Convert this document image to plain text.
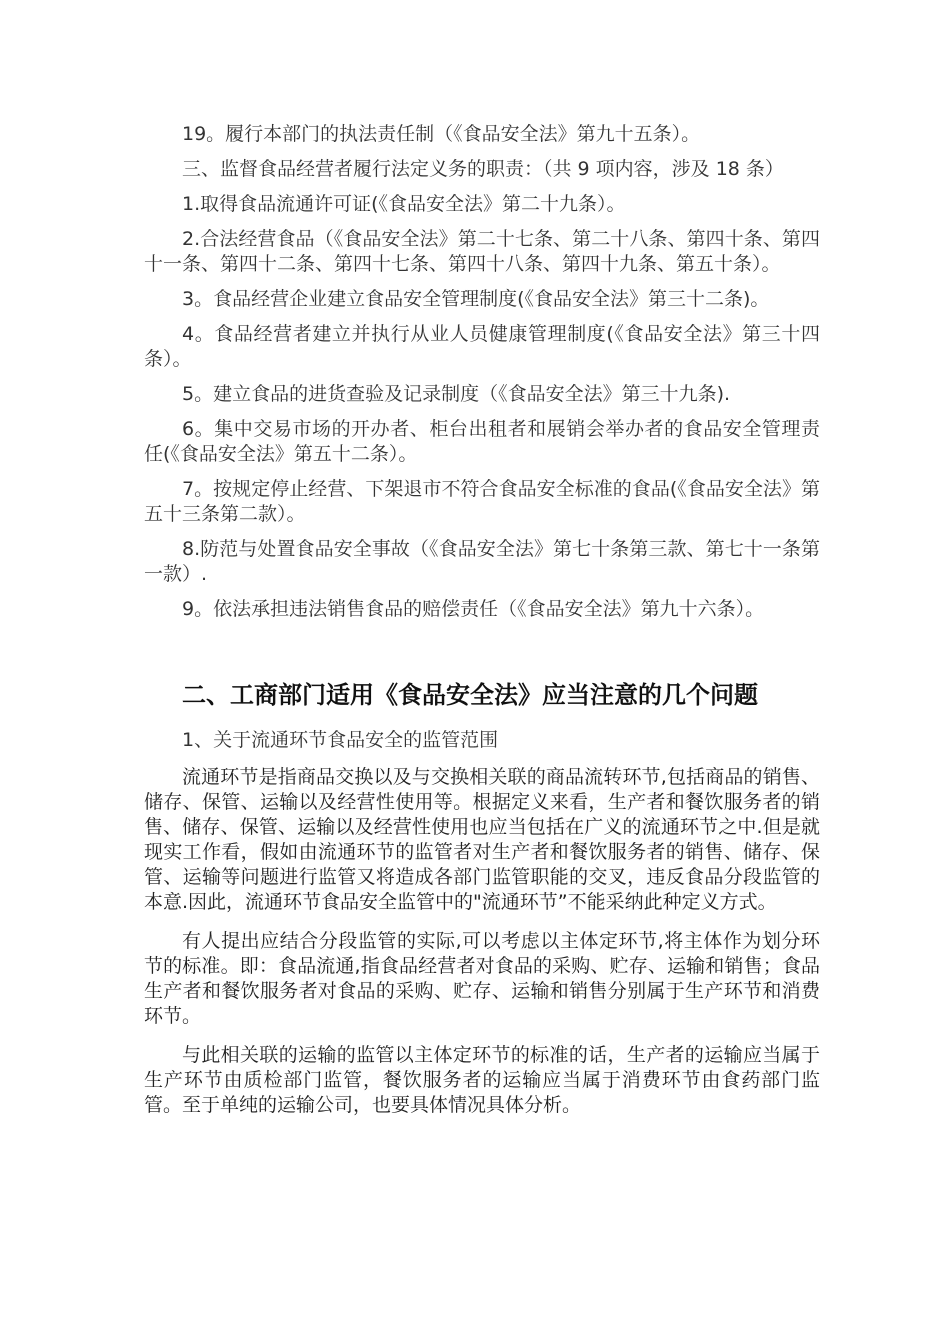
19。履行本部门的执法责任制（《食品安全法》第九十五条）。

三、监督食品经营者履行法定义务的职责：（共 9 项内容，涉及 18 条）

1.取得食品流通许可证(《食品安全法》第二十九条）。

2.合法经营食品（《食品安全法》第二十七条、第二十八条、第四十条、第四十一条、第四十二条、第四十七条、第四十八条、第四十九条、第五十条）。

3。食品经营企业建立食品安全管理制度(《食品安全法》第三十二条)。

4。食品经营者建立并执行从业人员健康管理制度(《食品安全法》第三十四条）。

5。建立食品的进货查验及记录制度（《食品安全法》第三十九条).

6。集中交易市场的开办者、柜台出租者和展销会举办者的食品安全管理责任(《食品安全法》第五十二条）。

7。按规定停止经营、下架退市不符合食品安全标准的食品(《食品安全法》第五十三条第二款）。

8.防范与处置食品安全事故（《食品安全法》第七十条第三款、第七十一条第一款）.

9。依法承担违法销售食品的赔偿责任（《食品安全法》第九十六条）。

二、工商部门适用《食品安全法》应当注意的几个问题

1、关于流通环节食品安全的监管范围

流通环节是指商品交换以及与交换相关联的商品流转环节,包括商品的销售、储存、保管、运输以及经营性使用等。根据定义来看，生产者和餐饮服务者的销售、储存、保管、运输以及经营性使用也应当包括在广义的流通环节之中.但是就现实工作看，假如由流通环节的监管者对生产者和餐饮服务者的销售、储存、保管、运输等问题进行监管又将造成各部门监管职能的交叉，违反食品分段监管的本意.因此，流通环节食品安全监管中的"流通环节”不能采纳此种定义方式。

有人提出应结合分段监管的实际,可以考虑以主体定环节,将主体作为划分环节的标准。即：食品流通,指食品经营者对食品的采购、贮存、运输和销售；食品生产者和餐饮服务者对食品的采购、贮存、运输和销售分别属于生产环节和消费环节。

与此相关联的运输的监管以主体定环节的标准的话，生产者的运输应当属于生产环节由质检部门监管，餐饮服务者的运输应当属于消费环节由食药部门监管。至于单纯的运输公司，也要具体情况具体分析。
